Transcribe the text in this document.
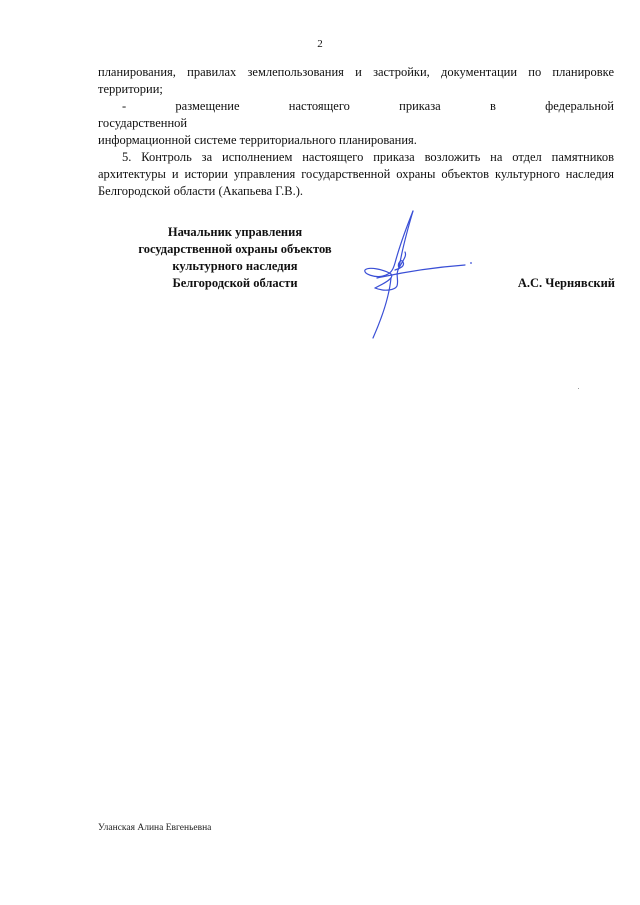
2

планирования, правилах землепользования и застройки, документации по планировке

территории;

- размещение настоящего приказа в федеральной государственной

информационной системе территориального планирования.

5. Контроль за исполнением настоящего приказа возложить на отдел памятников архитектуры и истории управления государственной охраны объектов культурного наследия Белгородской области (Акапьева Г.В.).

Начальник управления
государственной охраны объектов
культурного наследия
Белгородской области	А.С. Чернявский
Уланская Алина Евгеньевна
